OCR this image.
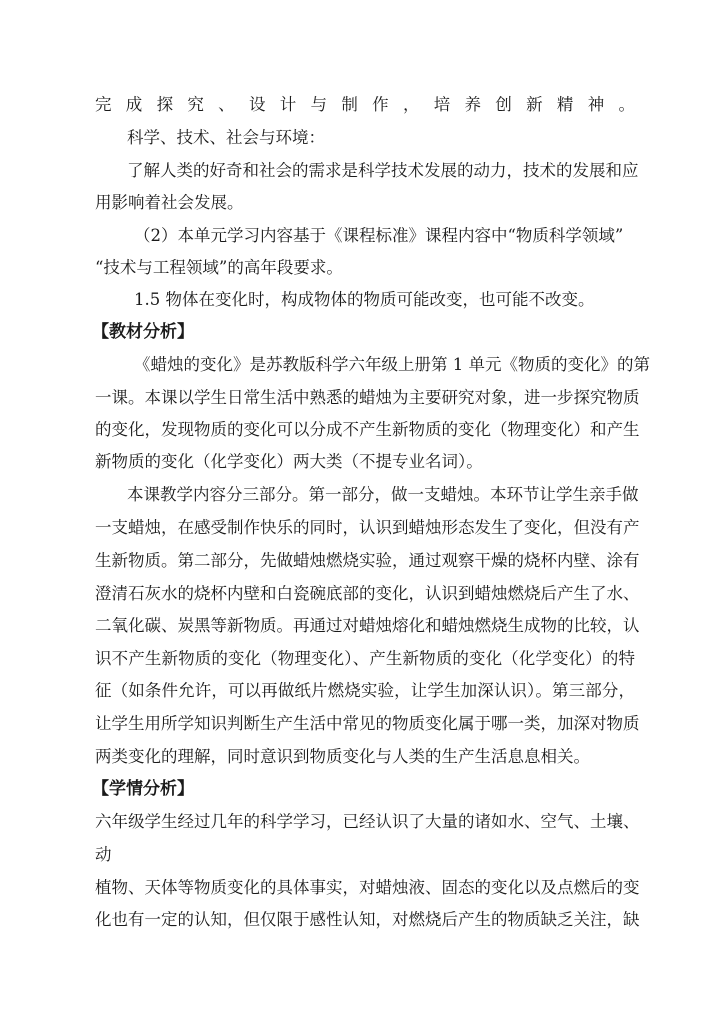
完成探究、设计与制作，培养创新精神。
科学、技术、社会与环境：
了解人类的好奇和社会的需求是科学技术发展的动力，技术的发展和应
用影响着社会发展。
（2）本单元学习内容基于《课程标准》课程内容中“物质科学领域”
“技术与工程领域”的高年段要求。
1.5 物体在变化时，构成物体的物质可能改变，也可能不改变。
【教材分析】
《蜡烛的变化》是苏教版科学六年级上册第 1 单元《物质的变化》的第
一课。本课以学生日常生活中熟悉的蜡烛为主要研究对象，进一步探究物质
的变化，发现物质的变化可以分成不产生新物质的变化（物理变化）和产生
新物质的变化（化学变化）两大类（不提专业名词）。
本课教学内容分三部分。第一部分，做一支蜡烛。本环节让学生亲手做
一支蜡烛，在感受制作快乐的同时，认识到蜡烛形态发生了变化，但没有产
生新物质。第二部分，先做蜡烛燃烧实验，通过观察干燥的烧杯内壁、涂有
澄清石灰水的烧杯内壁和白瓷碗底部的变化，认识到蜡烛燃烧后产生了水、
二氧化碳、炭黑等新物质。再通过对蜡烛熔化和蜡烛燃烧生成物的比较，认
识不产生新物质的变化（物理变化）、产生新物质的变化（化学变化）的特
征（如条件允许，可以再做纸片燃烧实验，让学生加深认识）。第三部分，
让学生用所学知识判断生产生活中常见的物质变化属于哪一类，加深对物质
两类变化的理解，同时意识到物质变化与人类的生产生活息息相关。
【学情分析】
六年级学生经过几年的科学学习，已经认识了大量的诸如水、空气、土壤、
动
植物、天体等物质变化的具体事实，对蜡烛液、固态的变化以及点燃后的变
化也有一定的认知，但仅限于感性认知，对燃烧后产生的物质缺乏关注，缺
